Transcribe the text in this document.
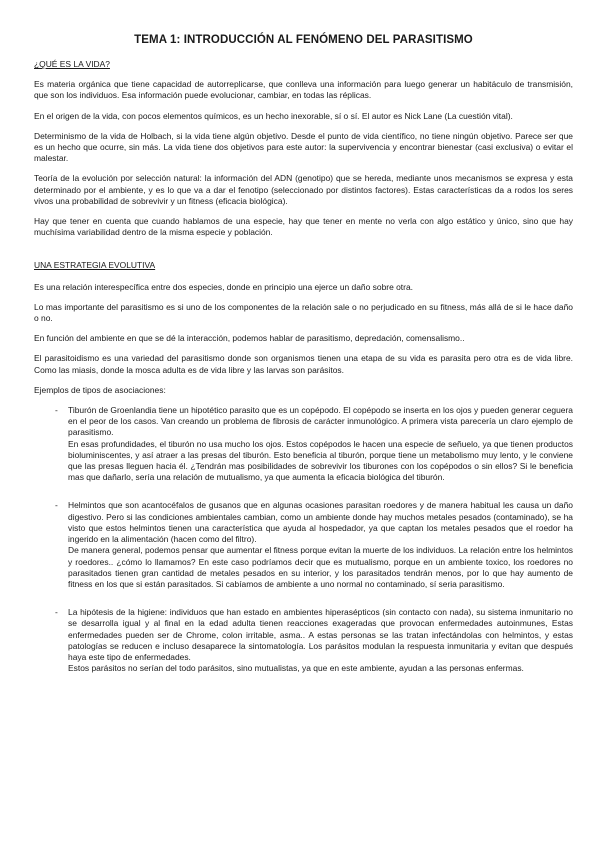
TEMA 1: INTRODUCCIÓN AL FENÓMENO DEL PARASITISMO
¿QUÉ ES LA VIDA?

Es materia orgánica que tiene capacidad de autorreplicarse, que conlleva una información para luego generar un habitáculo de transmisión, que son los individuos. Esa información puede evolucionar, cambiar, en todas las réplicas.

En el origen de la vida, con pocos elementos químicos, es un hecho inexorable, sí o sí. El autor es Nick Lane (La cuestión vital).

Determinismo de la vida de Holbach, si la vida tiene algún objetivo. Desde el punto de vida científico, no tiene ningún objetivo. Parece ser que es un hecho que ocurre, sin más. La vida tiene dos objetivos para este autor: la supervivencia y encontrar bienestar (casi exclusiva) o evitar el malestar.

Teoría de la evolución por selección natural: la información del ADN (genotipo) que se hereda, mediante unos mecanismos se expresa y esta determinado por el ambiente, y es lo que va a dar el fenotipo (seleccionado por distintos factores). Estas características da a rodos los seres vivos una probabilidad de sobrevivir y un fitness (eficacia biológica).

Hay que tener en cuenta que cuando hablamos de una especie, hay que tener en mente no verla con algo estático y único, sino que hay muchísima variabilidad dentro de la misma especie y población.

UNA ESTRATEGIA EVOLUTIVA

Es una relación interespecífica entre dos especies, donde en principio una ejerce un daño sobre otra.

Lo mas importante del parasitismo es si uno de los componentes de la relación sale o no perjudicado en su fitness, más allá de si le hace daño o no.

En función del ambiente en que se dé la interacción, podemos hablar de parasitismo, depredación, comensalismo..

El parasitoidismo es una variedad del parasitismo donde son organismos tienen una etapa de su vida es parasita pero otra es de vida libre. Como las miasis, donde la mosca adulta es de vida libre y las larvas son parásitos.

Ejemplos de tipos de asociaciones:

- Tiburón de Groenlandia tiene un hipotético parasito que es un copépodo. El copépodo se inserta en los ojos y pueden generar ceguera en el peor de los casos. Van creando un problema de fibrosis de carácter inmunológico. A primera vista parecería un claro ejemplo de parasitismo.

En esas profundidades, el tiburón no usa mucho los ojos. Estos copépodos le hacen una especie de señuelo, ya que tienen productos bioluminiscentes, y así atraer a las presas del tiburón. Esto beneficia al tiburón, porque tiene un metabolismo muy lento, y le conviene que las presas lleguen hacia él. ¿Tendrán mas posibilidades de sobrevivir los tiburones con los copépodos o sin ellos? Si le beneficia mas que dañarlo, sería una relación de mutualismo, ya que aumenta la eficacia biológica del tiburón.

- Helmintos que son acantocéfalos de gusanos que en algunas ocasiones parasitan roedores y de manera habitual les causa un daño digestivo. Pero si las condiciones ambientales cambian, como un ambiente donde hay muchos metales pesados (contaminado), se ha visto que estos helmintos tienen una característica que ayuda al hospedador, ya que captan los metales pesados que el roedor ha ingerido en la alimentación (hacen como del filtro).

De manera general, podemos pensar que aumentar el fitness porque evitan la muerte de los individuos. La relación entre los helmintos y roedores.. ¿cómo lo llamamos? En este caso podríamos decir que es mutualismo, porque en un ambiente toxico, los roedores no parasitados tienen gran cantidad de metales pesados en su interior, y los parasitados tendrán menos, por lo que hay aumento de fitness en los que si están parasitados. Si cabíamos de ambiente a uno normal no contaminado, sí seria parasitismo.

- La hipótesis de la higiene: individuos que han estado en ambientes hiperasépticos (sin contacto con nada), su sistema inmunitario no se desarrolla igual y al final en la edad adulta tienen reacciones exageradas que provocan enfermedades autoinmunes, Estas enfermedades pueden ser de Chrome, colon irritable, asma.. A estas personas se las tratan infectándolas con helmintos, y estas patologías se reducen e incluso desaparece la sintomatología. Los parásitos modulan la respuesta inmunitaria y evitan que después haya este tipo de enfermedades.

Estos parásitos no serían del todo parásitos, sino mutualistas, ya que en este ambiente, ayudan a las personas enfermas.
